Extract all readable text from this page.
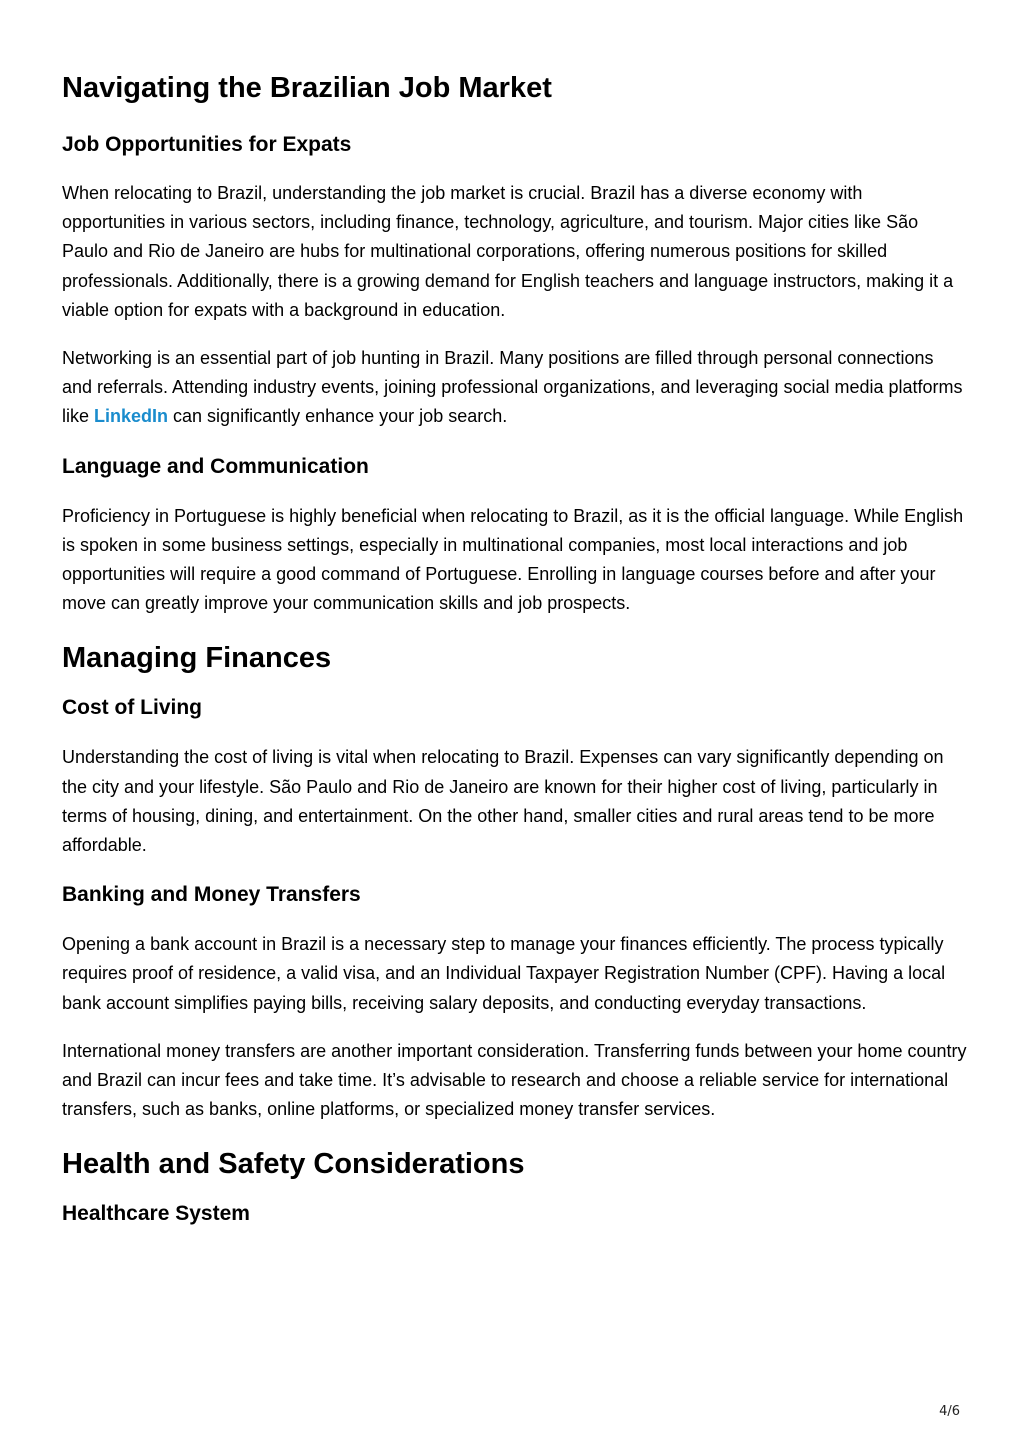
Navigating the Brazilian Job Market
Job Opportunities for Expats

When relocating to Brazil, understanding the job market is crucial. Brazil has a diverse economy with opportunities in various sectors, including finance, technology, agriculture, and tourism. Major cities like São Paulo and Rio de Janeiro are hubs for multinational corporations, offering numerous positions for skilled professionals. Additionally, there is a growing demand for English teachers and language instructors, making it a viable option for expats with a background in education.

Networking is an essential part of job hunting in Brazil. Many positions are filled through personal connections and referrals. Attending industry events, joining professional organizations, and leveraging social media platforms like LinkedIn can significantly enhance your job search.

Language and Communication

Proficiency in Portuguese is highly beneficial when relocating to Brazil, as it is the official language. While English is spoken in some business settings, especially in multinational companies, most local interactions and job opportunities will require a good command of Portuguese. Enrolling in language courses before and after your move can greatly improve your communication skills and job prospects.

Managing Finances
Cost of Living

Understanding the cost of living is vital when relocating to Brazil. Expenses can vary significantly depending on the city and your lifestyle. São Paulo and Rio de Janeiro are known for their higher cost of living, particularly in terms of housing, dining, and entertainment. On the other hand, smaller cities and rural areas tend to be more affordable.

Banking and Money Transfers

Opening a bank account in Brazil is a necessary step to manage your finances efficiently. The process typically requires proof of residence, a valid visa, and an Individual Taxpayer Registration Number (CPF). Having a local bank account simplifies paying bills, receiving salary deposits, and conducting everyday transactions.

International money transfers are another important consideration. Transferring funds between your home country and Brazil can incur fees and take time. It’s advisable to research and choose a reliable service for international transfers, such as banks, online platforms, or specialized money transfer services.

Health and Safety Considerations
Healthcare System
4/6
